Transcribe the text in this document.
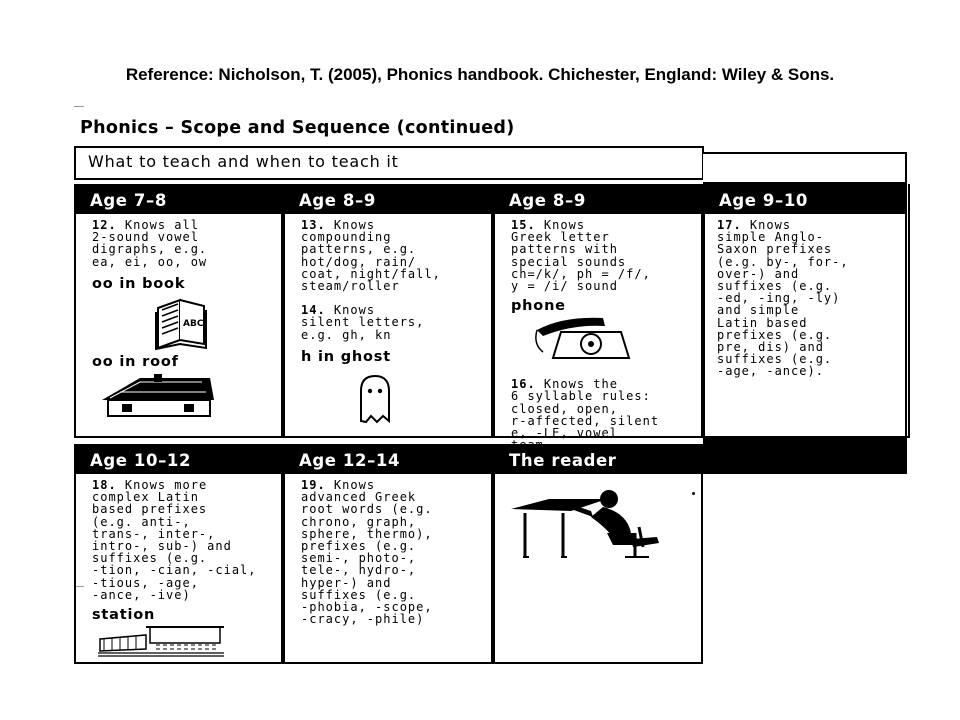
Reference: Nicholson, T. (2005), Phonics handbook. Chichester, England: Wiley & Sons.
Phonics – Scope and Sequence (continued)
What to teach and when to teach it
Age 7–8
12. Knows all
2-sound vowel
digraphs, e.g.
ea, ei, oo, ow
oo in book
ABC
oo in roof
Age 8–9
13. Knows
compounding
patterns, e.g.
hot/dog, rain/
coat, night/fall,
steam/roller
14. Knows
silent letters,
e.g. gh, kn
h in ghost
Age 8–9
15. Knows
Greek letter
patterns with
special sounds
ch=/k/, ph = /f/,
y = /i/ sound
phone
16. Knows the
6 syllable rules:
closed, open,
r-affected, silent
e, -LE, vowel

Age 10–12
18. Knows more
complex Latin
based prefixes
(e.g. anti-,
trans-, inter-,
intro-, sub-) and
suffixes (e.g.
-tion, -cian, -cial,
-tious, -age,
-ance, -ive)
station
Age 12–14
19. Knows
advanced Greek
root words (e.g.
chrono, graph,
sphere, thermo),
prefixes (e.g.
semi-, photo-,
tele-, hydro-,
hyper-) and
suffixes (e.g.
-phobia, -scope,
-cracy, -phile)
The reader
Age 9–10
17. Knows
simple Anglo-
Saxon prefixes
(e.g. by-, for-,
over-) and
suffixes (e.g.
-ed, -ing, -ly)
and simple
Latin based
prefixes (e.g.
pre, dis) and
suffixes (e.g.
-age, -ance).
